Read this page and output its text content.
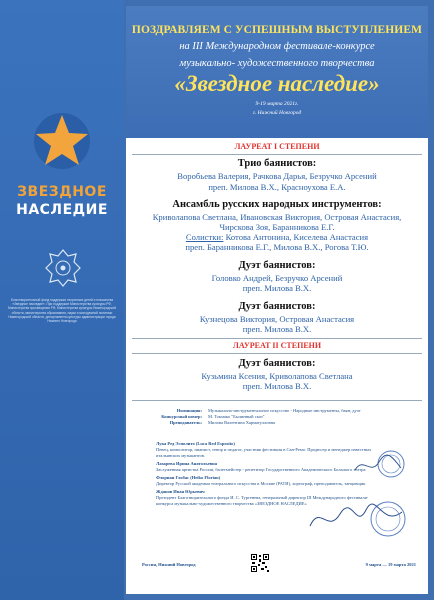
ЗВЕЗДНОЕ
НАСЛЕДИЕ
Благотворительный фонд поддержки творческих детей и юношества «Звездное наследие». При поддержке Министерства культуры РФ, Министерства просвещения РФ, Министерства культуры Нижегородской области, министерства образования, науки и молодежной политики Нижегородской области, департамента культуры администрации города Нижнего Новгорода
ПОЗДРАВЛЯЕМ С УСПЕШНЫМ ВЫСТУПЛЕНИЕМ
на III Международном фестивале-конкурсе
музыкально- художественного творчества
«Звездное наследие»
9-19 марта 2021г.
г. Нижний Новгород
ЛАУРЕАТ I СТЕПЕНИ
Трио баянистов:
Воробьева Валерия, Рачкова Дарья, Безручко Арсений
преп. Милова В.Х., Красноухова Е.А.
Ансамбль русских народных инструментов:
Криволапова Светлана, Ивановская Виктория, Островая Анастасия,
Чирскова Зоя, Баранникова Е.Г.
Солистки: Котова Антонина, Киселева Анастасия
преп. Баранникова Е.Г., Милова В.Х., Рогова Т.Ю.
Дуэт баянистов:
Головко Андрей, Безручко Арсений
преп. Милова В.Х.
Дуэт баянистов:
Кузнецова Виктория, Островая Анастасия
преп. Милова В.Х.
ЛАУРЕАТ II СТЕПЕНИ
Дуэт баянистов:
Кузьмина Ксения, Криволапова Светлана
преп. Милова В.Х.
Номинация: Музыкально-инструментальное искусство - Народные инструменты, баян, дуэт
Конкурсный номер: М. Токмако "Былинный сказ"
Преподаватель: Милова Валентина Харматулловна
Лука Ред Эсполито (Luca Red Esposito)
Певец, композитор, пианист, тенор и педагог, участник фестиваля в Сан-Ремо. Продюсер и менеджер известных итальянских музыкантов.
Лазарева Ирина Анатольевна
Заслуженная артистка России, балетмейстер - репетитор Государственного Академического Большого театра
Флориан Глобас (Heiko Florian)
Директор Русской академии театрального искусства в Москве (РАТИ), хореограф, преподаватель, танцовщик
Жданов Иван Юрьевич
Президент Благотворительного фонда И. С. Тургенева, генеральный директор III Международного фестиваля-конкурса музыкально-художественного творчества «ЗВЕЗДНОЕ НАСЛЕДИЕ»
Россия, Нижний Новгород	9 марта — 19 марта 2021
